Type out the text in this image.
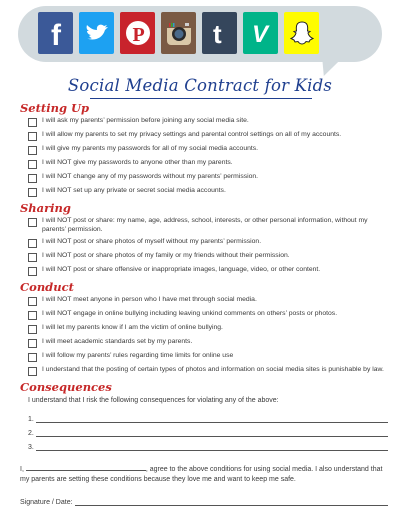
f	P	t V
Social Media Contract for Kids
Setting Up
I will ask my parents’ permission before joining any social media site.
I will allow my parents to set my privacy settings and parental control settings on all of my accounts.
I will give my parents my passwords for all of my social media accounts.
I will NOT give my passwords to anyone other than my parents.
I will NOT change any of my passwords without my parents’ permission.
I will NOT set up any private or secret social media accounts.
Sharing
I will NOT post or share: my name, age, address, school, interests, or other personal information, without my parents’ permission.
I will NOT post or share photos of myself without my parents’ permission.
I will NOT post or share photos of my family or my friends without their permission.
I will NOT post or share offensive or inappropriate images, language, video, or other content.
Conduct
I will NOT meet anyone in person who I have met through social media.
I will NOT engage in online bullying including leaving unkind comments on others’ posts or photos.
I will let my parents know if I am the victim of online bullying.
I will meet academic standards set by my parents.
I will follow my parents’ rules regarding time limits for online use
I understand that the posting of certain types of photos and information on social media sites is punishable by law.
Consequences
I understand that I risk the following consequences for violating any of the above:
1.
2.
3.
I,	, agree to the above conditions for using social media. I also understand that my parents are setting these conditions because they love me and want to keep me safe.
Signature / Date:
